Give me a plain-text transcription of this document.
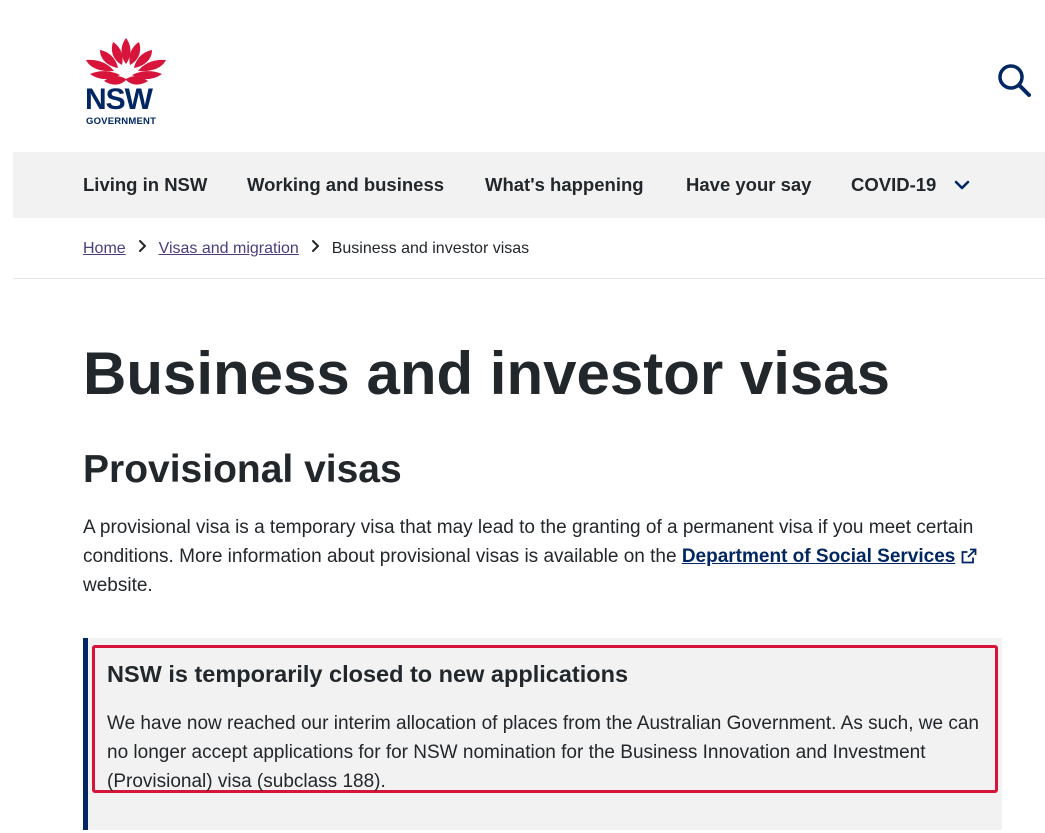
NSW
GOVERNMENT
Living in NSW Working and business What's happening Have your say COVID-19
Home Visas and migration Business and investor visas
Business and investor visas
Provisional visas

A provisional visa is a temporary visa that may lead to the granting of a permanent visa if you meet certain conditions. More information about provisional visas is available on the Department of Social Services website.

NSW is temporarily closed to new applications

We have now reached our interim allocation of places from the Australian Government. As such, we can no longer accept applications for for NSW nomination for the Business Innovation and Investment (Provisional) visa (subclass 188).
